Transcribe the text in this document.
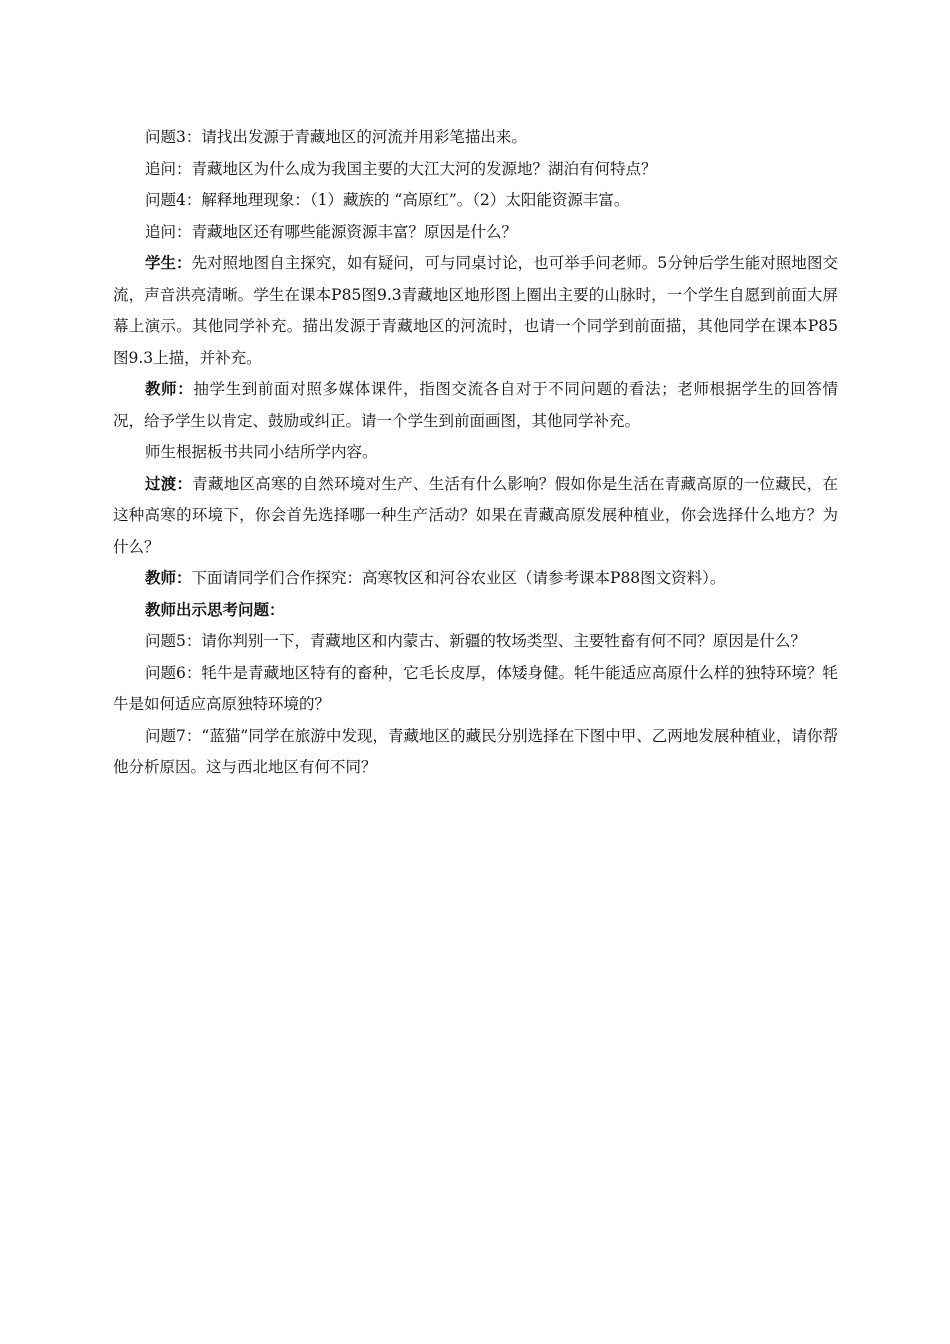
问题3：请找出发源于青藏地区的河流并用彩笔描出来。

追问：青藏地区为什么成为我国主要的大江大河的发源地？湖泊有何特点？

问题4：解释地理现象：（1）藏族的 “高原红”。（2）太阳能资源丰富。

追问：青藏地区还有哪些能源资源丰富？原因是什么？

学生：先对照地图自主探究，如有疑问，可与同桌讨论，也可举手问老师。5分钟后学生能对照地图交流，声音洪亮清晰。学生在课本P85图9.3青藏地区地形图上圈出主要的山脉时，一个学生自愿到前面大屏幕上演示。其他同学补充。描出发源于青藏地区的河流时，也请一个同学到前面描，其他同学在课本P85图9.3上描，并补充。

教师：抽学生到前面对照多媒体课件，指图交流各自对于不同问题的看法；老师根据学生的回答情况，给予学生以肯定、鼓励或纠正。请一个学生到前面画图，其他同学补充。

师生根据板书共同小结所学内容。

过渡：青藏地区高寒的自然环境对生产、生活有什么影响？假如你是生活在青藏高原的一位藏民，在这种高寒的环境下，你会首先选择哪一种生产活动？如果在青藏高原发展种植业，你会选择什么地方？为什么？

教师：下面请同学们合作探究：高寒牧区和河谷农业区（请参考课本P88图文资料）。

教师出示思考问题：

问题5：请你判别一下，青藏地区和内蒙古、新疆的牧场类型、主要牲畜有何不同？原因是什么？

问题6：牦牛是青藏地区特有的畜种，它毛长皮厚，体矮身健。牦牛能适应高原什么样的独特环境？牦牛是如何适应高原独特环境的？

问题7：“蓝猫”同学在旅游中发现，青藏地区的藏民分别选择在下图中甲、乙两地发展种植业，请你帮他分析原因。这与西北地区有何不同？
